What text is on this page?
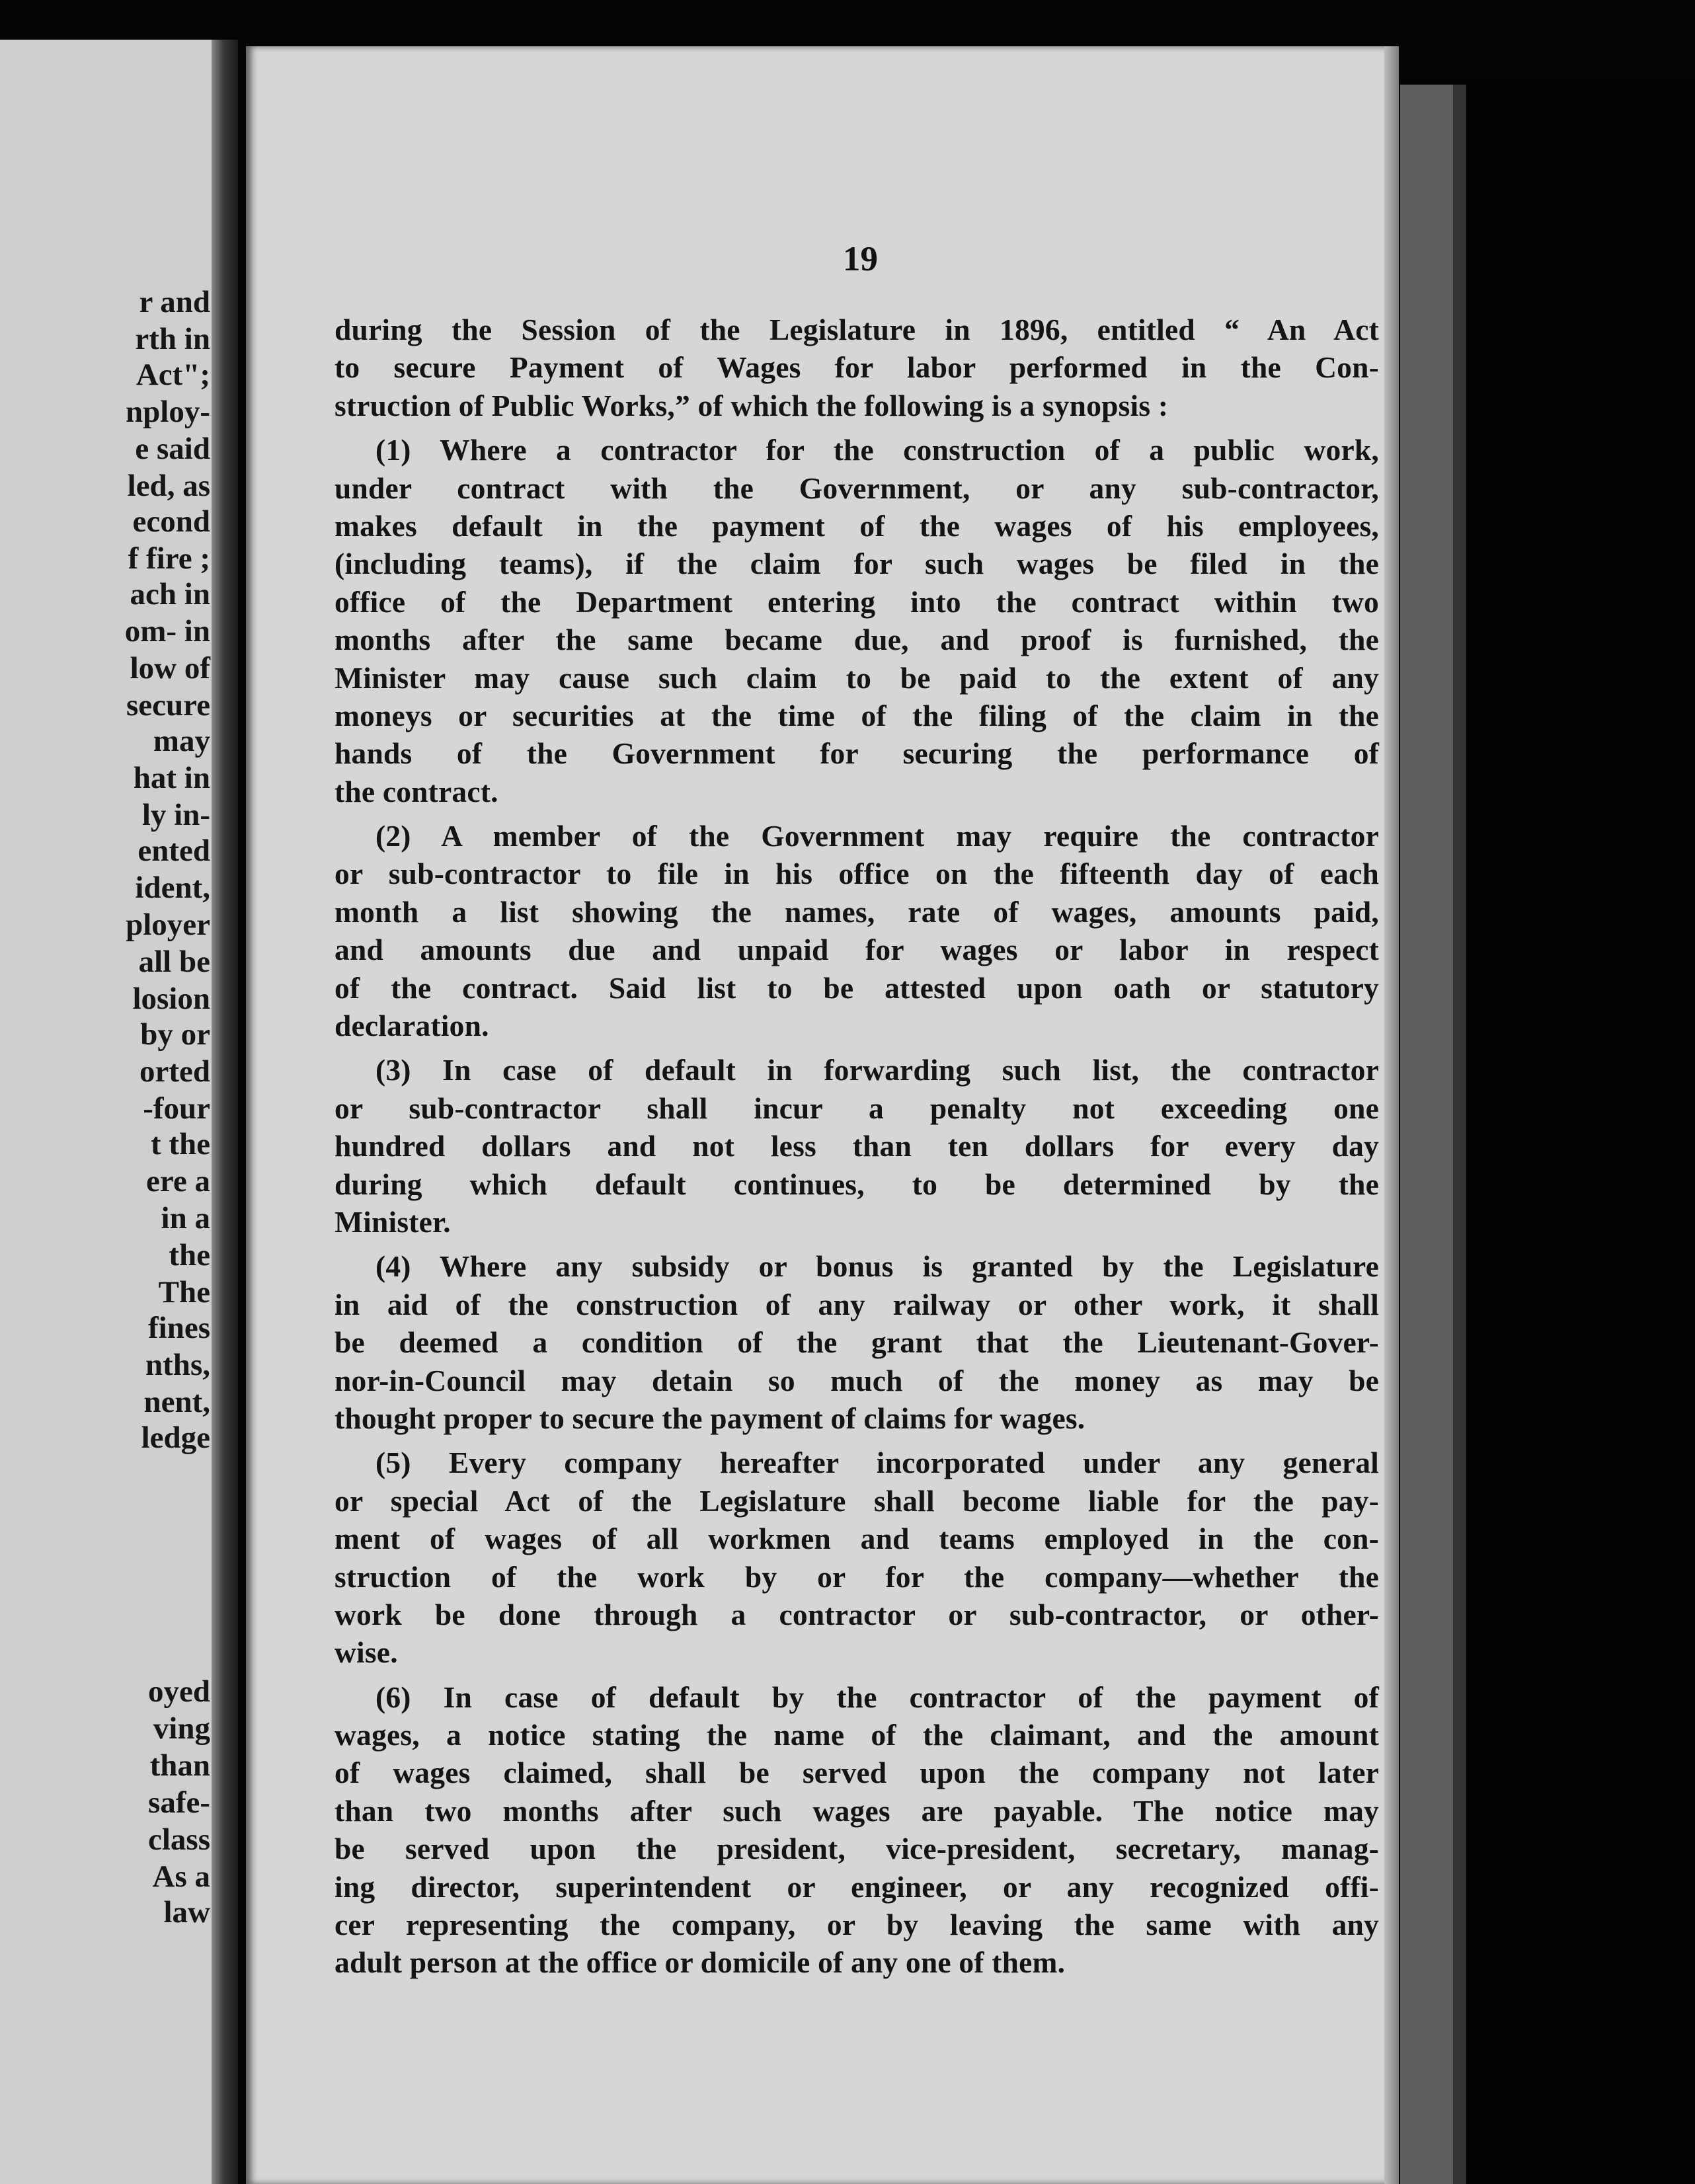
r and
rth in
Act";
nploy-
e said
led, as
econd
f fire ;
ach in
om- in
low of
secure
may
hat in
ly in-
ented
ident,
ployer
all be
losion
by or
orted
-four
t the
ere a
in a
the
The
fines
nths,
nent,
ledge
oyed
ving
than
safe-
class
As a
law
19
during the Session of the Legislature in 1896, entitled “ An Act
to secure Payment of Wages for labor performed in the Con-
struction of Public Works,” of which the following is a synopsis :
(1) Where a contractor for the construction of a public work,
under contract with the Government, or any sub-contractor,
makes default in the payment of the wages of his employees,
(including teams), if the claim for such wages be filed in the
office of the Department entering into the contract within two
months after the same became due, and proof is furnished, the
Minister may cause such claim to be paid to the extent of any
moneys or securities at the time of the filing of the claim in the
hands of the Government for securing the performance of
the contract.
(2) A member of the Government may require the contractor
or sub-contractor to file in his office on the fifteenth day of each
month a list showing the names, rate of wages, amounts paid,
and amounts due and unpaid for wages or labor in respect
of the contract. Said list to be attested upon oath or statutory
declaration.
(3) In case of default in forwarding such list, the contractor
or sub-contractor shall incur a penalty not exceeding one
hundred dollars and not less than ten dollars for every day
during which default continues, to be determined by the
Minister.
(4) Where any subsidy or bonus is granted by the Legislature
in aid of the construction of any railway or other work, it shall
be deemed a condition of the grant that the Lieutenant-Gover-
nor-in-Council may detain so much of the money as may be
thought proper to secure the payment of claims for wages.
(5) Every company hereafter incorporated under any general
or special Act of the Legislature shall become liable for the pay-
ment of wages of all workmen and teams employed in the con-
struction of the work by or for the company—whether the
work be done through a contractor or sub-contractor, or other-
wise.
(6) In case of default by the contractor of the payment of
wages, a notice stating the name of the claimant, and the amount
of wages claimed, shall be served upon the company not later
than two months after such wages are payable. The notice may
be served upon the president, vice-president, secretary, manag-
ing director, superintendent or engineer, or any recognized offi-
cer representing the company, or by leaving the same with any
adult person at the office or domicile of any one of them.
